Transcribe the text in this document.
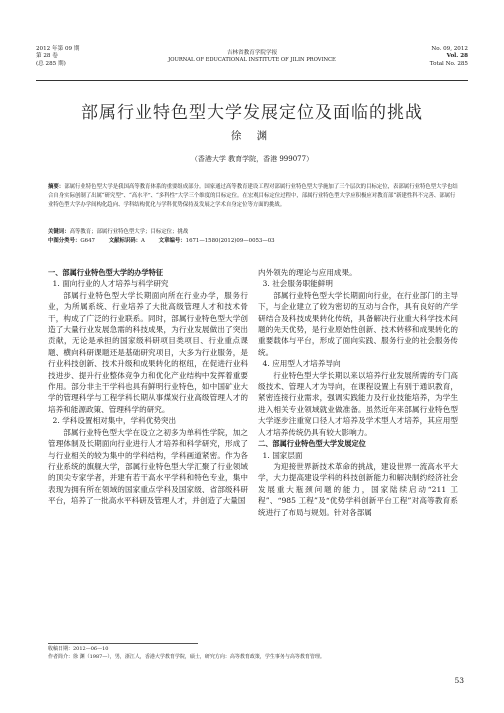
2012 年第 09 期
第 28 卷
(总 285 期)
吉林省教育学院学报
JOURNAL OF EDUCATIONAL INSTITUTE OF JILIN PROVINCE
No. 09, 2012
Vol. 28
Total No. 285
部属行业特色型大学发展定位及面临的挑战
徐 渊
（香港大学 教育学院，香港 999077）
摘要：部属行业特色型大学是我国高等教育体系的重要组成部分。国家通过高等教育建设工程对部属行业特色型大学施加了三个层次的目标定位，表部属行业特色型大学也结合自身实际创制了出属“研究型”、“高水平”、“多科性”大学三个维度的目标定位。在宏观目标定位过程中，部属行业特色型大学应积极应对教育部“新建性科不完善、部属行业特色型大学办学间构化趋向、学科结构优化与学科优势保持及发展之学术自身定位等方面的挑战。
关键词：高等教育；部属行业特色型大学；目标定位；挑战
中图分类号：G647	文献标识码：A	文章编号：1671—1580(2012)09—0053—03

一、部属行业特色型大学的办学特征

1. 面向行业的人才培养与科学研究

部属行业特色型大学长期面向所在行业办学，服务行业，为所属系统、行业培养了大批高级管理人才和技术骨干，构成了广泛的行业联系。同时，部属行业特色型大学创造了大量行业发展急需的科技成果，为行业发展做出了突出贡献，无论是承担的国家级科研项目类项目、行业重点课题、横向科研课题还是基础研究项目，大多为行业服务，是行业科技创新、技术升级和成果转化的枢纽，在促进行业科技进步、提升行业整体竞争力和优化产业结构中发挥着重要作用。部分非主干学科也具有鲜明行业特色，如中国矿业大学的管理科学与工程学科长期从事煤炭行业高级管理人才的培养和能源政策、管理科学的研究。

2. 学科设置相对集中，学科优势突出

部属行业特色型大学在设立之初多为单科性学院，加之管理体制及长期面向行业进行人才培养和科学研究，形成了与行业相关的较为集中的学科结构，学科画道紧密。作为各行业系统的旗舰大学，部属行业特色型大学汇聚了行业领域的顶尖专家学者，并建有若干高水平学科和特色专业，集中表现为拥有所在领域的国家重点学科及国家级、省部级科研平台，培养了一批高水平科研及管理人才，并创造了大量国

内外领先的理论与应用成果。

3. 社会服务职能鲜明

部属行业特色型大学长期面向行业，在行业部门的主导下，与企业建立了较为密切的互动与合作，具有良好的产学研结合及科技成果转化传统，具备解决行业重大科学技术问题的先天优势，是行业原始性创新、技术转移和成果转化的重要载体与平台，形成了面向实践、服务行业的社会服务传统。

4. 应用型人才培养导向

行业特色型大学长期以来以培养行业发展所需的专门高级技术、管理人才为导向，在课程设置上有别于通识教育，紧密连接行业需求，强调实践能力及行业技能培养，为学生进入相关专业领域就业做准备。虽然近年来部属行业特色型大学逐步注重宽口径人才培养及学术型人才培养，其应用型人才培养传统仍具有较大影响力。

二、部属行业特色型大学发展定位

1. 国家层面

为迎接世界新技术革命的挑战，建设世界一流高水平大学，大力提高建设学科的科技创新能力和解决制约经济社会发展重大瓶颈问题的能力，国家陆续启动“211 工程”、“985 工程”及“优势学科创新平台工程”对高等教育系统进行了布局与规划。针对各部属

收稿日期：2012—06—10
作者简介：徐 渊（1987—），男，浙江人，香港大学教育学院，硕士，研究方向：高等教育政策，学生事务与高等教育管理。
53
